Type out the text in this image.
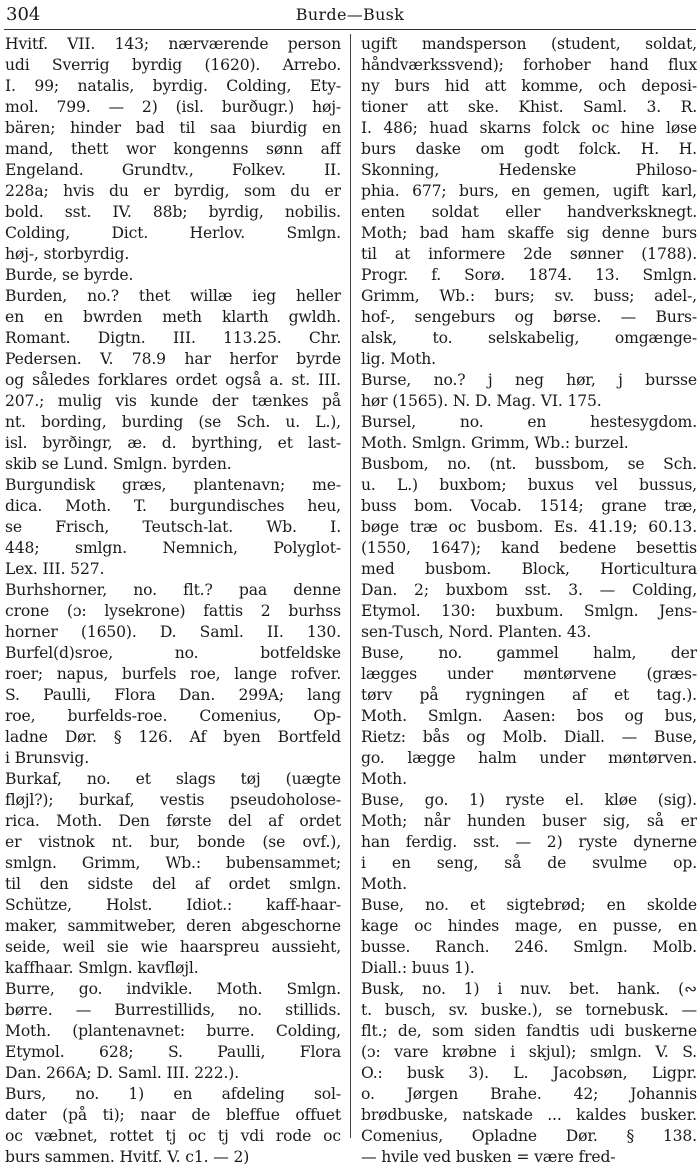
304	Burde—Busk
Hvitf. VII. 143; nærværende person
udi Sverrig byrdig (1620). Arrebo.
I. 99; natalis, byrdig. Colding, Ety-
mol. 799. — 2) (isl. burðugr.) høj-
bären; hinder bad til saa biurdig en
mand, thett wor kongenns sønn aff
Engeland. Grundtv., Folkev. II.
228a; hvis du er byrdig, som du er
bold. sst. IV. 88b; byrdig, nobilis.
Colding, Dict. Herlov. Smlgn.
høj-, storbyrdig.
Burde, se byrde.
Burden, no.? thet willæ ieg heller
en en bwrden meth klarth gwldh.
Romant. Digtn. III. 113.25. Chr.
Pedersen. V. 78.9 har herfor byrde
og således forklares ordet også a. st. III.
207.; mulig vis kunde der tænkes på
nt. bording, burding (se Sch. u. L.),
isl. byrðingr, æ. d. byrthing, et last-
skib se Lund. Smlgn. byrden.
Burgundisk græs, plantenavn; me-
dica. Moth. T. burgundisches heu,
se Frisch, Teutsch-lat. Wb. I.
448; smlgn. Nemnich, Polyglot-
Lex. III. 527.
Burhshorner, no. flt.? paa denne
crone (ɔ: lysekrone) fattis 2 burhss
horner (1650). D. Saml. II. 130.
Burfel(d)sroe, no. botfeldske
roer; napus, burfels roe, lange rofver.
S. Paulli, Flora Dan. 299A; lang
roe, burfelds-roe. Comenius, Op-
ladne Dør. § 126. Af byen Bortfeld
i Brunsvig.
Burkaf, no. et slags tøj (uægte
fløjl?); burkaf, vestis pseudoholose-
rica. Moth. Den første del af ordet
er vistnok nt. bur, bonde (se ovf.),
smlgn. Grimm, Wb.: bubensammet;
til den sidste del af ordet smlgn.
Schütze, Holst. Idiot.: kaff-haar-
maker, sammitweber, deren abgeschorne
seide, weil sie wie haarspreu aussieht,
kaffhaar. Smlgn. kavfløjl.
Burre, go. indvikle. Moth. Smlgn.
børre. — Burrestillids, no. stillids.
Moth. (plantenavnet: burre. Colding,
Etymol. 628; S. Paulli, Flora
Dan. 266A; D. Saml. III. 222.).
Burs, no. 1) en afdeling sol-
dater (på ti); naar de bleffue offuet
oc væbnet, rottet tj oc tj vdi rode oc
burs sammen. Hvitf. V. c1. — 2)
ugift mandsperson (student, soldat,
håndværkssvend); forhober hand flux
ny burs hid att komme, och deposi-
tioner att ske. Khist. Saml. 3. R.
I. 486; huad skarns folck oc hine løse
burs daske om godt folck. H. H.
Skonning, Hedenske Philoso-
phia. 677; burs, en gemen, ugift karl,
enten soldat eller handverksknegt.
Moth; bad ham skaffe sig denne burs
til at informere 2de sønner (1788).
Progr. f. Sorø. 1874. 13. Smlgn.
Grimm, Wb.: burs; sv. buss; adel-,
hof-, sengeburs og børse. — Burs-
alsk, to. selskabelig, omgænge-
lig. Moth.
Burse, no.? j neg hør, j bursse
hør (1565). N. D. Mag. VI. 175.
Bursel, no. en hestesygdom.
Moth. Smlgn. Grimm, Wb.: burzel.
Busbom, no. (nt. bussbom, se Sch.
u. L.) buxbom; buxus vel bussus,
buss bom. Vocab. 1514; grane træ,
bøge træ oc busbom. Es. 41.19; 60.13.
(1550, 1647); kand bedene besettis
med busbom. Block, Horticultura
Dan. 2; buxbom sst. 3. — Colding,
Etymol. 130: buxbum. Smlgn. Jens-
sen-Tusch, Nord. Planten. 43.
Buse, no. gammel halm, der
lægges under møntørvene (græs-
tørv på rygningen af et tag.).
Moth. Smlgn. Aasen: bos og bus,
Rietz: bås og Molb. Diall. — Buse,
go. lægge halm under møntørven.
Moth.
Buse, go. 1) ryste el. kløe (sig).
Moth; når hunden buser sig, så er
han ferdig. sst. — 2) ryste dynerne
i en seng, så de svulme op.
Moth.
Buse, no. et sigtebrød; en skolde
kage oc hindes mage, en pusse, en
busse. Ranch. 246. Smlgn. Molb.
Diall.: buus 1).
Busk, no. 1) i nuv. bet. hank. (∾
t. busch, sv. buske.), se tornebusk. —
flt.; de, som siden fandtis udi buskerne
(ɔ: vare krøbne i skjul); smlgn. V. S.
O.: busk 3). L. Jacobsøn, Ligpr.
o. Jørgen Brahe. 42; Johannis
brødbuske, natskade ... kaldes busker.
Comenius, Opladne Dør. § 138.
— hvile ved busken = være fred-
